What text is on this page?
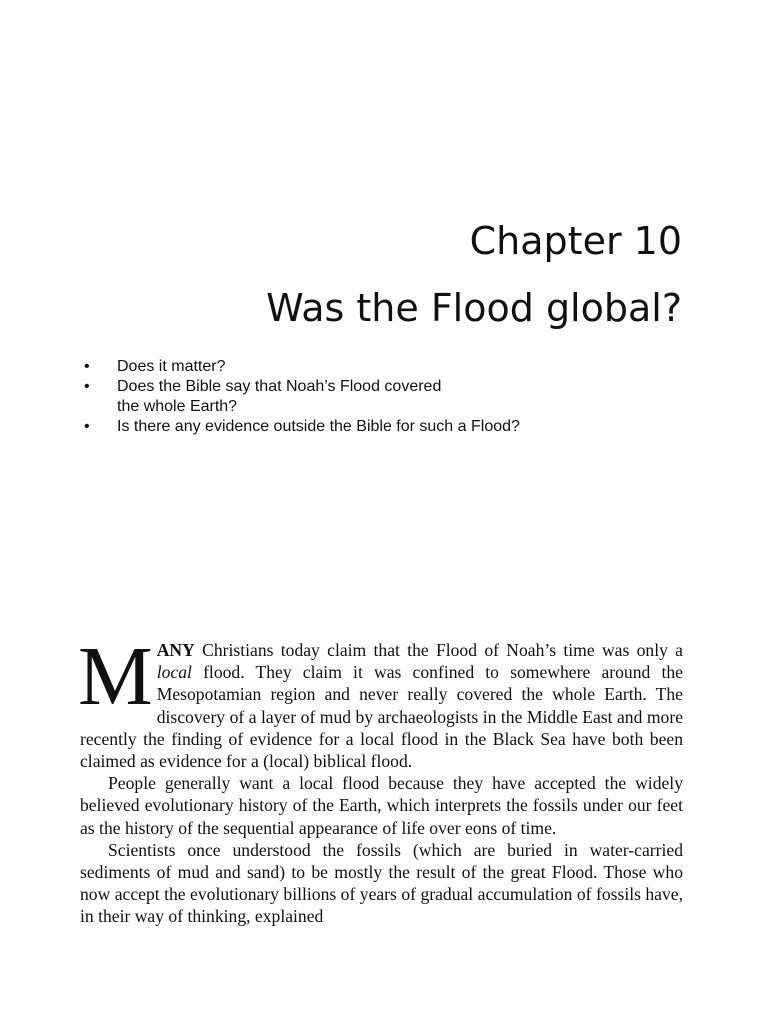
Chapter 10
Was the Flood global?
• Does it matter?
• Does the Bible say that Noah’s Flood covered
the whole Earth?
• Is there any evidence outside the Bible for such a Flood?

MANY Christians today claim that the Flood of Noah’s time was only a local flood. They claim it was confined to somewhere around the Mesopotamian region and never really covered the whole Earth. The discovery of a layer of mud by archaeologists in the Middle East and more recently the finding of evidence for a local flood in the Black Sea have both been claimed as evidence for a (local) biblical flood.

People generally want a local flood because they have accepted the widely believed evolutionary history of the Earth, which interprets the fossils under our feet as the history of the sequential appearance of life over eons of time.

Scientists once understood the fossils (which are buried in water-carried sediments of mud and sand) to be mostly the result of the great Flood. Those who now accept the evolutionary billions of years of gradual accumulation of fossils have, in their way of thinking, explained
